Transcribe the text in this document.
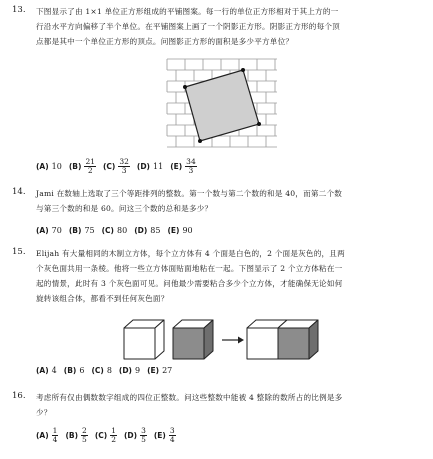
13. 下图显示了由 1×1 单位正方形组成的平铺图案。每一行的单位正方形相对于其上方的一
行沿水平方向偏移了半个单位。在平铺图案上画了一个阴影正方形。阴影正方形的每个顶
点都是其中一个单位正方形的顶点。问图影正方形的面积是多少平方单位？
(A) 10 $(B) \frac{21}{2} (C) \frac{32}{3} (D)$ 11 $(E) \frac{34}{3}$
14. Jami 在数轴上选取了三个等距排列的整数。第一个数与第二个数的和是 40，而第二个数
与第三个数的和是 60。问这三个数的总和是多少？
(A) 70 (B) 75 (C) 80 (D) 85 (E) 90
15. Elijah 有大量相同的木制立方体，每个立方体有 4 个面是白色的，2 个面是灰色的，且两
个灰色面共用一条棱。他将一些立方体面贴面地粘在一起。下图显示了 2 个立方体粘在一
起的情景，此时有 3 个灰色面可见。问他最少需要粘合多少个立方体，才能确保无论如何
旋转该组合体，都看不到任何灰色面？
(A) 4 (B) 6 (C) 8 (D) 9 (E) 27
16. 考虑所有仅由偶数数字组成的四位正整数。问这些整数中能被 4 整除的数所占的比例是多
少？
$(A) \frac{1}{4} (B) \frac{2}{5} (C) \frac{1}{2} (D) \frac{3}{5} (E) \frac{3}{4}$
